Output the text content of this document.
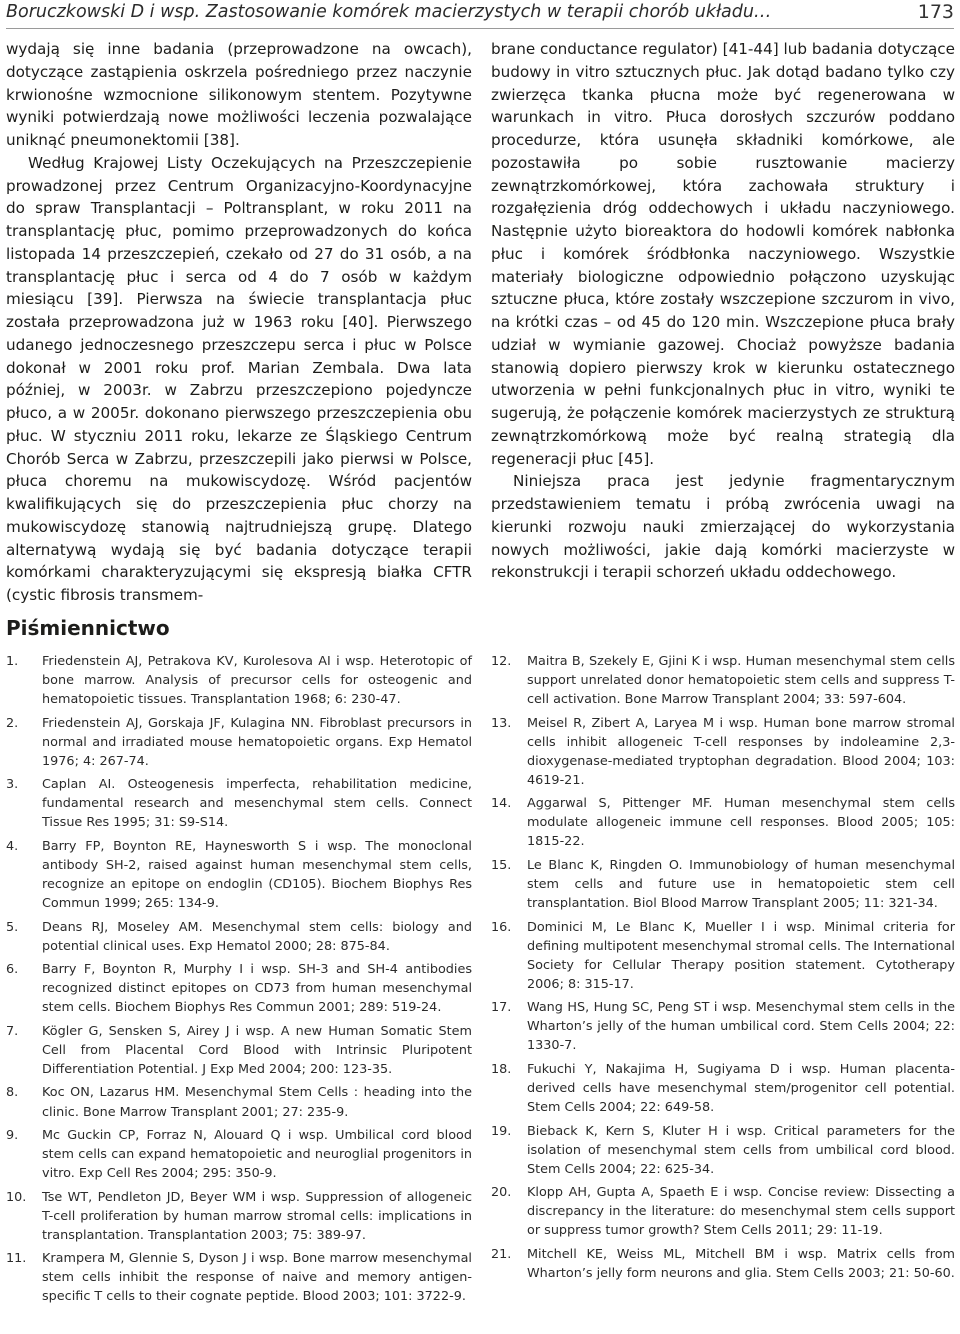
Boruczkowski D i wsp. Zastosowanie komórek macierzystych w terapii chorób układu…	173

wydają się inne badania (przeprowadzone na owcach), dotyczące zastąpienia oskrzela pośredniego przez naczynie krwionośne wzmocnione silikonowym stentem. Pozytywne wyniki potwierdzają nowe możliwości leczenia pozwalające uniknąć pneumonektomii [38].

Według Krajowej Listy Oczekujących na Przeszczepienie prowadzonej przez Centrum Organizacyjno-Koordynacyjne do spraw Transplantacji – Poltransplant, w roku 2011 na transplantację płuc, pomimo przeprowadzonych do końca listopada 14 przeszczepień, czekało od 27 do 31 osób, a na transplantację płuc i serca od 4 do 7 osób w każdym miesiącu [39]. Pierwsza na świecie transplantacja płuc została przeprowadzona już w 1963 roku [40]. Pierwszego udanego jednoczesnego przeszczepu serca i płuc w Polsce dokonał w 2001 roku prof. Marian Zembala. Dwa lata później, w 2003r. w Zabrzu przeszczepiono pojedyncze płuco, a w 2005r. dokonano pierwszego przeszczepienia obu płuc. W styczniu 2011 roku, lekarze ze Śląskiego Centrum Chorób Serca w Zabrzu, przeszczepili jako pierwsi w Polsce, płuca choremu na mukowiscydozę. Wśród pacjentów kwalifikujących się do przeszczepienia płuc chorzy na mukowiscydozę stanowią najtrudniejszą grupę. Dlatego alternatywą wydają się być badania dotyczące terapii komórkami charakteryzującymi się ekspresją białka CFTR (cystic fibrosis transmem-

brane conductance regulator) [41-44] lub badania dotyczące budowy in vitro sztucznych płuc. Jak dotąd badano tylko czy zwierzęca tkanka płucna może być regenerowana w warunkach in vitro. Płuca dorosłych szczurów poddano procedurze, która usunęła składniki komórkowe, ale pozostawiła po sobie rusztowanie macierzy zewnątrzkomórkowej, która zachowała struktury i rozgałęzienia dróg oddechowych i układu naczyniowego. Następnie użyto bioreaktora do hodowli komórek nabłonka płuc i komórek śródbłonka naczyniowego. Wszystkie materiały biologiczne odpowiednio połączono uzyskując sztuczne płuca, które zostały wszczepione szczurom in vivo, na krótki czas – od 45 do 120 min. Wszczepione płuca brały udział w wymianie gazowej. Chociaż powyższe badania stanowią dopiero pierwszy krok w kierunku ostatecznego utworzenia w pełni funkcjonalnych płuc in vitro, wyniki te sugerują, że połączenie komórek macierzystych ze strukturą zewnątrzkomórkową może być realną strategią dla regeneracji płuc [45].

Niniejsza praca jest jedynie fragmentarycznym przedstawieniem tematu i próbą zwrócenia uwagi na kierunki rozwoju nauki zmierzającej do wykorzystania nowych możliwości, jakie dają komórki macierzyste w rekonstrukcji i terapii schorzeń układu oddechowego.

Piśmiennictwo
1.	Friedenstein AJ, Petrakova KV, Kurolesova AI i wsp. Heterotopic of bone marrow. Analysis of precursor cells for osteogenic and hematopoietic tissues. Transplantation 1968; 6: 230-47.
2.	Friedenstein AJ, Gorskaja JF, Kulagina NN. Fibroblast precursors in normal and irradiated mouse hematopoietic organs. Exp Hematol 1976; 4: 267-74.
3.	Caplan AI. Osteogenesis imperfecta, rehabilitation medicine, fundamental research and mesenchymal stem cells. Connect Tissue Res 1995; 31: S9-S14.
4.	Barry FP, Boynton RE, Haynesworth S i wsp. The monoclonal antibody SH-2, raised against human mesenchymal stem cells, recognize an epitope on endoglin (CD105). Biochem Biophys Res Commun 1999; 265: 134-9.
5.	Deans RJ, Moseley AM. Mesenchymal stem cells: biology and potential clinical uses. Exp Hematol 2000; 28: 875-84.
6.	Barry F, Boynton R, Murphy I i wsp. SH-3 and SH-4 antibodies recognized distinct epitopes on CD73 from human mesenchymal stem cells. Biochem Biophys Res Commun 2001; 289: 519-24.
7.	Kögler G, Sensken S, Airey J i wsp. A new Human Somatic Stem Cell from Placental Cord Blood with Intrinsic Pluripotent Differentiation Potential. J Exp Med 2004; 200: 123-35.
8.	Koc ON, Lazarus HM. Mesenchymal Stem Cells : heading into the clinic. Bone Marrow Transplant 2001; 27: 235-9.
9.	Mc Guckin CP, Forraz N, Alouard Q i wsp. Umbilical cord blood stem cells can expand hematopoietic and neuroglial progenitors in vitro. Exp Cell Res 2004; 295: 350-9.
10.	Tse WT, Pendleton JD, Beyer WM i wsp. Suppression of allogeneic T-cell proliferation by human marrow stromal cells: implications in transplantation. Transplantation 2003; 75: 389-97.
11.	Krampera M, Glennie S, Dyson J i wsp. Bone marrow mesenchymal stem cells inhibit the response of naive and memory antigen-specific T cells to their cognate peptide. Blood 2003; 101: 3722-9.
12.	Maitra B, Szekely E, Gjini K i wsp. Human mesenchymal stem cells support unrelated donor hematopoietic stem cells and suppress T-cell activation. Bone Marrow Transplant 2004; 33: 597-604.
13.	Meisel R, Zibert A, Laryea M i wsp. Human bone marrow stromal cells inhibit allogeneic T-cell responses by indoleamine 2,3-dioxygenase-mediated tryptophan degradation. Blood 2004; 103: 4619-21.
14.	Aggarwal S, Pittenger MF. Human mesenchymal stem cells modulate allogeneic immune cell responses. Blood 2005; 105: 1815-22.
15.	Le Blanc K, Ringden O. Immunobiology of human mesenchymal stem cells and future use in hematopoietic stem cell transplantation. Biol Blood Marrow Transplant 2005; 11: 321-34.
16.	Dominici M, Le Blanc K, Mueller I i wsp. Minimal criteria for defining multipotent mesenchymal stromal cells. The International Society for Cellular Therapy position statement. Cytotherapy 2006; 8: 315-17.
17.	Wang HS, Hung SC, Peng ST i wsp. Mesenchymal stem cells in the Wharton’s jelly of the human umbilical cord. Stem Cells 2004; 22: 1330-7.
18.	Fukuchi Y, Nakajima H, Sugiyama D i wsp. Human placenta-derived cells have mesenchymal stem/progenitor cell potential. Stem Cells 2004; 22: 649-58.
19.	Bieback K, Kern S, Kluter H i wsp. Critical parameters for the isolation of mesenchymal stem cells from umbilical cord blood. Stem Cells 2004; 22: 625-34.
20.	Klopp AH, Gupta A, Spaeth E i wsp. Concise review: Dissecting a discrepancy in the literature: do mesenchymal stem cells support or suppress tumor growth? Stem Cells 2011; 29: 11-19.
21.	Mitchell KE, Weiss ML, Mitchell BM i wsp. Matrix cells from Wharton’s jelly form neurons and glia. Stem Cells 2003; 21: 50-60.
